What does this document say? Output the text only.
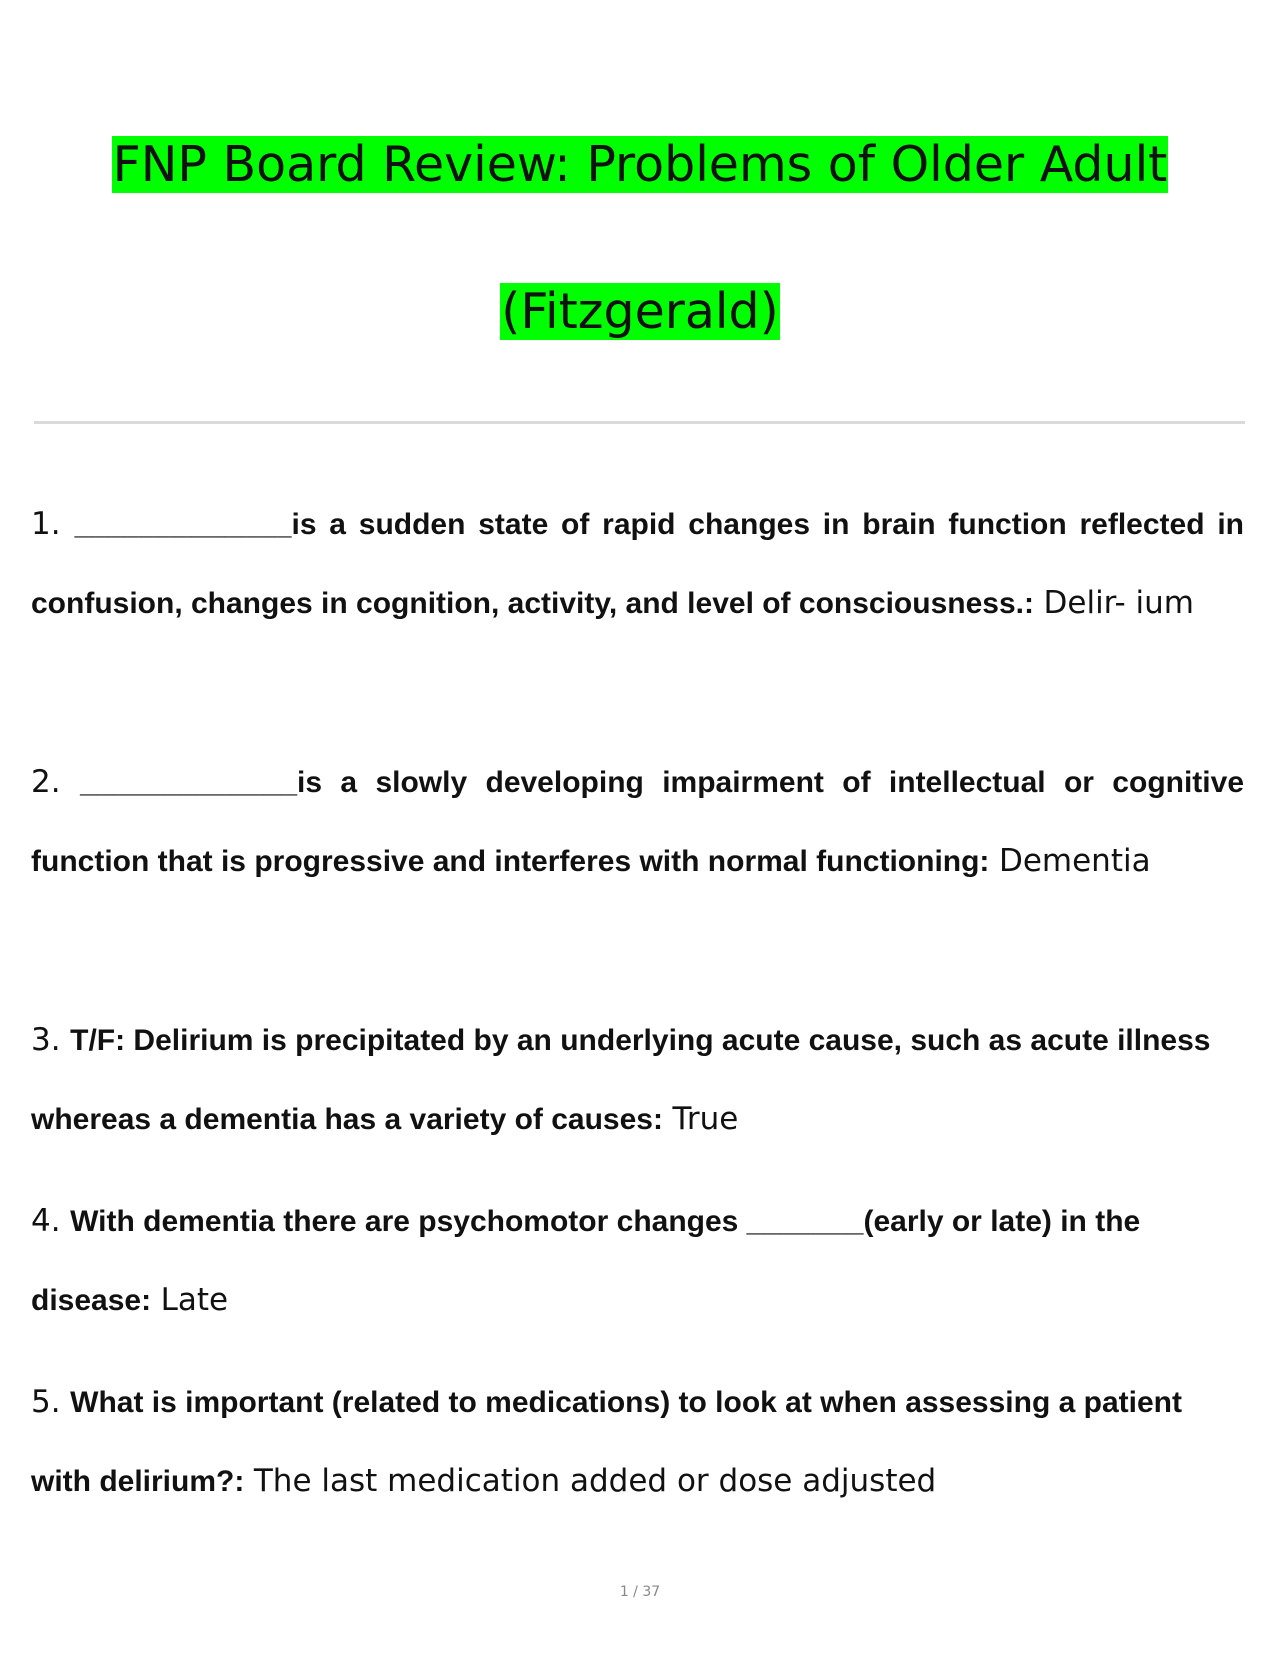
FNP Board Review: Problems of Older Adult
(Fitzgerald)

1. _____________is a sudden state of rapid changes in brain function reflected in confusion, changes in cognition, activity, and level of consciousness.: Delir- ium

2. _____________is a slowly developing impairment of intellectual or cognitive function that is progressive and interferes with normal functioning: Dementia

3. T/F: Delirium is precipitated by an underlying acute cause, such as acute illness whereas a dementia has a variety of causes: True

4. With dementia there are psychomotor changes _______(early or late) in the disease: Late

5. What is important (related to medications) to look at when assessing a patient with delirium?: The last medication added or dose adjusted

1 / 37
